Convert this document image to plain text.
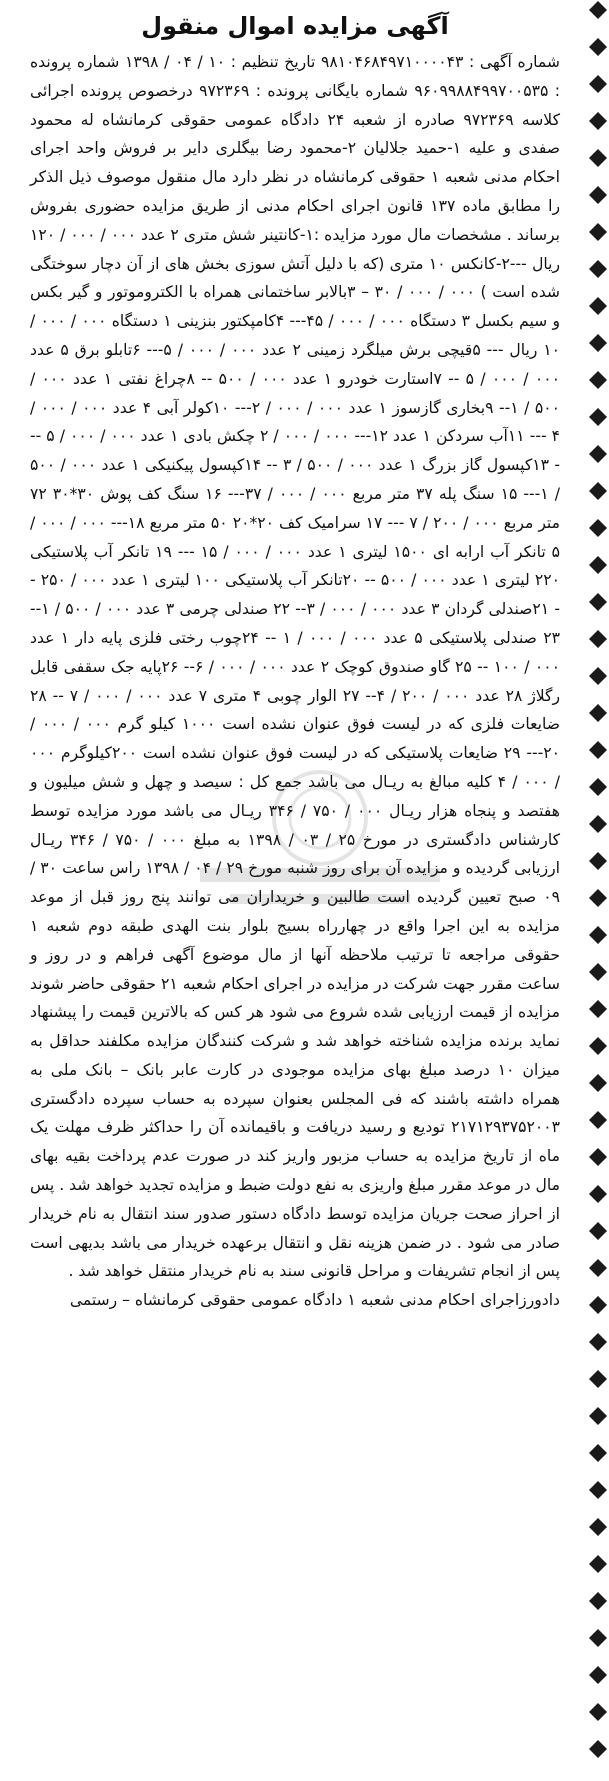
آگهی مزایده اموال منقول

شماره آگهی : ۹۸۱۰۴۶۸۴۹۷۱۰۰۰۰۴۳ تاریخ تنظیم : ۱۰ / ۰۴ / ۱۳۹۸ شماره پرونده : ۹۶۰۹۹۸۸۴۹۹۷۰۰۵۳۵ شماره بایگانی پرونده : ۹۷۲۳۶۹ درخصوص پرونده اجرائی کلاسه ۹۷۲۳۶۹ صادره از شعبه ۲۴ دادگاه عمومی حقوقی کرمانشاه له محمود صفدی و علیه ۱-حمید جلالیان ۲-محمود رضا بیگلری دایر بر فروش واحد اجرای احکام مدنی شعبه ۱ حقوقی کرمانشاه در نظر دارد مال منقول موصوف ذیل الذکر را مطابق ماده ۱۳۷ قانون اجرای احکام مدنی از طریق مزایده حضوری بفروش برساند . مشخصات مال مورد مزایده :۱-کانتینر شش متری ۲ عدد ۰۰۰ / ۰۰۰ / ۱۲۰ ریال ---۲-کانکس ۱۰ متری (که با دلیل آتش سوزی بخش های از آن دچار سوختگی شده است ) ۰۰۰ / ۰۰۰ / ۳۰ – ۳بالابر ساختمانی همراه با الکتروموتور و گیر بکس و سیم بکسل ۳ دستگاه ۰۰۰ / ۰۰۰ / ۴۵--- ۴کامپکتور بنزینی ۱ دستگاه ۰۰۰ / ۰۰۰ / ۱۰ ریال --- ۵قیچی برش میلگرد زمینی ۲ عدد ۰۰۰ / ۰۰۰ / ۵--- ۶تابلو برق ۵ عدد ۰۰۰ / ۰۰۰ / ۵ -- ۷استارت خودرو ۱ عدد ۰۰۰ / ۵۰۰ -- ۸چراغ نفتی ۱ عدد ۰۰۰ / ۵۰۰ / ۱-- ۹بخاری گازسوز ۱ عدد ۰۰۰ / ۰۰۰ / ۲--- ۱۰کولر آبی ۴ عدد ۰۰۰ / ۰۰۰ / ۴ --- ۱۱آب سردکن ۱ عدد ۱۲--- ۰۰۰ / ۰۰۰ / ۲ چکش بادی ۱ عدد ۰۰۰ / ۰۰۰ / ۵ --- ۱۳کپسول گاز بزرگ ۱ عدد ۰۰۰ / ۵۰۰ / ۳ -- ۱۴کپسول پیکنیکی ۱ عدد ۰۰۰ / ۵۰۰ / ۱--- ۱۵ سنگ پله ۳۷ متر مربع ۰۰۰ / ۰۰۰ / ۳۷--- ۱۶ سنگ کف پوش ۳۰*۳۰ ۷۲ متر مربع ۰۰۰ / ۲۰۰ / ۷ --- ۱۷ سرامیک کف ۲۰*۲۰ ۵۰ متر مربع ۱۸--- ۰۰۰ / ۰۰۰ / ۵ تانکر آب ارابه ای ۱۵۰۰ لیتری ۱ عدد ۰۰۰ / ۰۰۰ / ۱۵ --- ۱۹ تانکر آب پلاستیکی ۲۲۰ لیتری ۱ عدد ۰۰۰ / ۵۰۰ -- ۲۰تانکر آب پلاستیکی ۱۰۰ لیتری ۱ عدد ۰۰۰ / ۲۵۰ -- ۲۱صندلی گردان ۳ عدد ۰۰۰ / ۰۰۰ / ۳-- ۲۲ صندلی چرمی ۳ عدد ۰۰۰ / ۵۰۰ / ۱-- ۲۳ صندلی پلاستیکی ۵ عدد ۰۰۰ / ۰۰۰ / ۱ -- ۲۴چوب رختی فلزی پایه دار ۱ عدد ۰۰۰ / ۱۰۰ -- ۲۵ گاو صندوق کوچک ۲ عدد ۰۰۰ / ۰۰۰ / ۶-- ۲۶پایه جک سقفی قابل رگلاژ ۲۸ عدد ۰۰۰ / ۲۰۰ / ۴-- ۲۷ الوار چوبی ۴ متری ۷ عدد ۰۰۰ / ۰۰۰ / ۷ -- ۲۸ ضایعات فلزی که در لیست فوق عنوان نشده است ۱۰۰۰ کیلو گرم ۰۰۰ / ۰۰۰ / ۲۰--- ۲۹ ضایعات پلاستیکی که در لیست فوق عنوان نشده است ۲۰۰کیلوگرم ۰۰۰ / ۰۰۰ / ۴ کلیه مبالغ به ریـال می باشد جمع کل : سیصد و چهل و شش میلیون و هفتصد و پنجاه هزار ریـال ۰۰۰ / ۷۵۰ / ۳۴۶ ریـال می باشد مورد مزایده توسط کارشناس دادگستری در مورخ ۲۵ / ۰۳ / ۱۳۹۸ به مبلغ ۰۰۰ / ۷۵۰ / ۳۴۶ ریـال ارزیابی گردیده و مزایده آن برای روز شنبه مورخ ۲۹ / ۰۴ / ۱۳۹۸ راس ساعت ۳۰ / ۰۹ صبح تعیین گردیده است طالبین و خریداران می توانند پنج روز قبل از موعد مزایده به این اجرا واقع در چهارراه بسیج بلوار بنت الهدی طبقه دوم شعبه ۱ حقوقی مراجعه تا ترتیب ملاحظه آنها از مال موضوع آگهی فراهم و در روز و ساعت مقرر جهت شرکت در مزایده در اجرای احکام شعبه ۲۱ حقوقی حاضر شوند مزایده از قیمت ارزیابی شده شروع می شود هر کس که بالاترین قیمت را پیشنهاد نماید برنده مزایده شناخته خواهد شد و شرکت کنندگان مزایده مکلفند حداقل به میزان ۱۰ درصد مبلغ بهای مزایده موجودی در کارت عابر بانک – بانک ملی به همراه داشته باشند که فی المجلس بعنوان سپرده به حساب سپرده دادگستری ۲۱۷۱۲۹۳۷۵۲۰۰۳ تودیع و رسید دریافت و باقیمانده آن را حداکثر ظرف مهلت یک ماه از تاریخ مزایده به حساب مزبور واریز کند در صورت عدم پرداخت بقیه بهای مال در موعد مقرر مبلغ واریزی به نفع دولت ضبط و مزایده تجدید خواهد شد . پس از احراز صحت جریان مزایده توسط دادگاه دستور صدور سند انتقال به نام خریدار صادر می شود . در ضمن هزینه نقل و انتقال برعهده خریدار می باشد بدیهی است پس از انجام تشریفات و مراحل قانونی سند به نام خریدار منتقل خواهد شد .

دادورزاجرای احکام مدنی شعبه ۱ دادگاه عمومی حقوقی کرمانشاه – رستمی
